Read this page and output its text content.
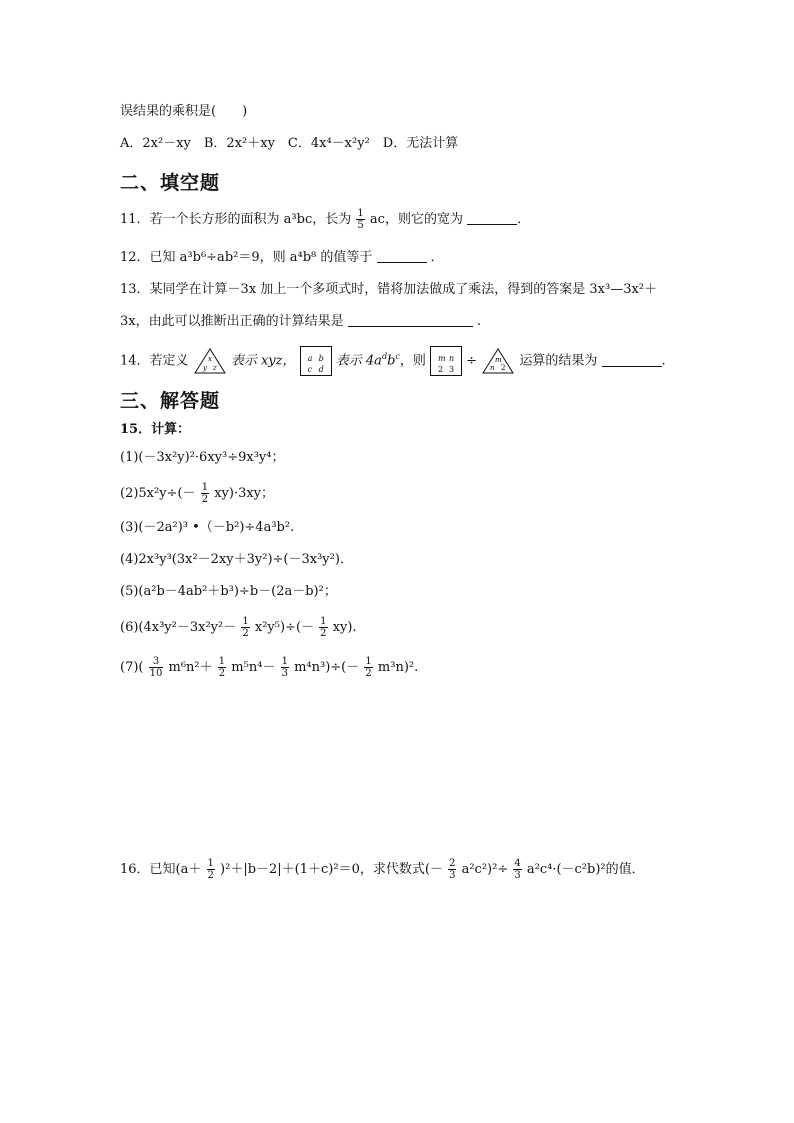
误结果的乘积是(　　)
A．2x²－xy　B．2x²＋xy　C．4x⁴－x²y²　D．无法计算
二、填空题
11．若一个长方形的面积为 a³bc，长为 $\frac{1}{5}$ ac，则它的宽为	．
12．已知 a³b⁶÷ab²＝9，则 a⁴b⁸ 的值等于	．
13．某同学在计算－3x 加上一个多项式时，错将加法做成了乘法，得到的答案是 3x³—3x²＋
3x，由此可以推断出正确的计算结果是	.
14．若定义	x
y z 表示 xyz， a b
c d
表示 $4a^db^c$，则 m n
2 3
÷	m
n 2 运算的结果为	.
三、解答题
15．计算：
(1)(－3x²y)²·6xy³÷9x³y⁴；
$(2)5x^2y\div(- \frac{1}{2} xy)\cdot 3xy$；
(3)(－2a²)³ •（－b²)÷4a³b².
(4)2x³y³(3x²－2xy＋3y²)÷(－3x³y²)．
(5)(a²b－4ab²＋b³)÷b－(2a－b)²；
$(6)(4x^3y^2-3x^2y^2- \frac{1}{2} x^2y^5)\div(- \frac{1}{2} xy)$.
$(7)( \frac{3}{10} m^6n^2+ \frac{1}{2} m^5n^4- \frac{1}{3} m^4n^3)\div(- \frac{1}{2} m^3n)^2$.
16．已知$(a+ \frac{1}{2} )^2+|b-2|+(1+c)^2=0$，求代数式(－ $\frac{2}{3} a^2c^2)^2\div \frac{4}{3} a^2c^4\cdot(-c^2b)^2$的值．
